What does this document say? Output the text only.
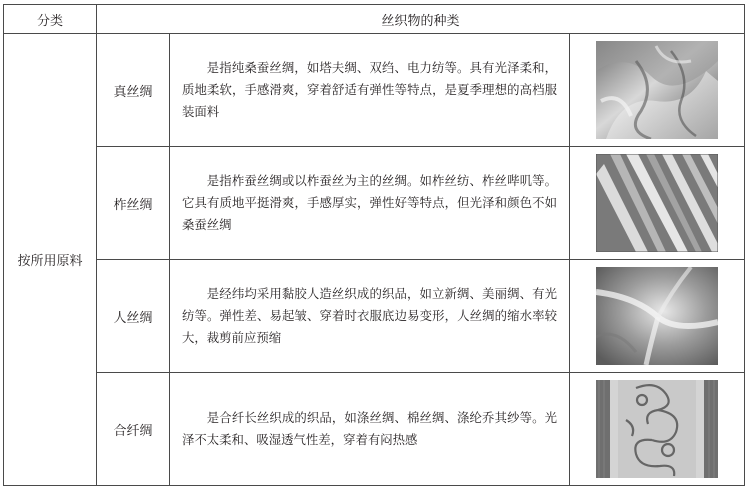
分类	丝织物的种类		
按所用原料	真丝绸	是指纯桑蚕丝绸，如塔夫绸、双绉、电力纺等。具有光泽柔和，质地柔软，手感滑爽，穿着舒适有弹性等特点，是夏季理想的高档服装面料

	柞丝绸	是指柞蚕丝绸或以柞蚕丝为主的丝绸。如柞丝纺、柞丝哔叽等。它具有质地平挺滑爽，手感厚实，弹性好等特点，但光泽和颜色不如桑蚕丝绸

	人丝绸	是经纬均采用黏胶人造丝织成的织品，如立新绸、美丽绸、有光纺等。弹性差、易起皱、穿着时衣服底边易变形，人丝绸的缩水率较大，裁剪前应预缩

	合纤绸	是合纤长丝织成的织品，如涤丝绸、棉丝绸、涤纶乔其纱等。光泽不太柔和、吸湿透气性差，穿着有闷热感
